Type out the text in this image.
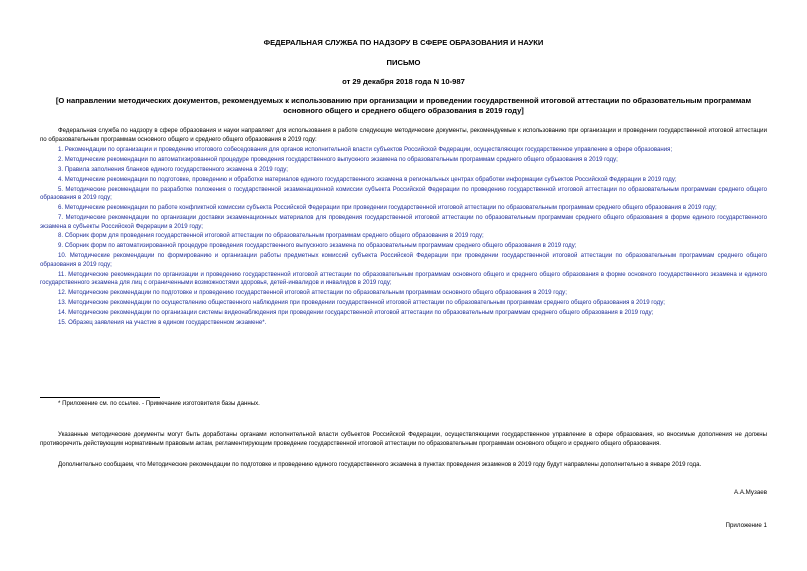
ФЕДЕРАЛЬНАЯ СЛУЖБА ПО НАДЗОРУ В СФЕРЕ ОБРАЗОВАНИЯ И НАУКИ
ПИСЬМО
от 29 декабря 2018 года N 10-987
[О направлении методических документов, рекомендуемых к использованию при организации и проведении государственной итоговой аттестации по образовательным программам основного общего и среднего общего образования в 2019 году]
Федеральная служба по надзору в сфере образования и науки направляет для использования в работе следующие методические документы, рекомендуемые к использованию при организации и проведении государственной итоговой аттестации по образовательным программам основного общего и среднего общего образования в 2019 году:
1. Рекомендации по организации и проведению итогового собеседования для органов исполнительной власти субъектов Российской Федерации, осуществляющих государственное управление в сфере образования;
2. Методические рекомендации по автоматизированной процедуре проведения государственного выпускного экзамена по образовательным программам среднего общего образования в 2019 году;
3. Правила заполнения бланков единого государственного экзамена в 2019 году;
4. Методические рекомендации по подготовке, проведению и обработке материалов единого государственного экзамена в региональных центрах обработки информации субъектов Российской Федерации в 2019 году;
5. Методические рекомендации по разработке положения о государственной экзаменационной комиссии субъекта Российской Федерации по проведению государственной итоговой аттестации по образовательным программам среднего общего образования в 2019 году;
6. Методические рекомендации по работе конфликтной комиссии субъекта Российской Федерации при проведении государственной итоговой аттестации по образовательным программам среднего общего образования в 2019 году;
7. Методические рекомендации по организации доставки экзаменационных материалов для проведения государственной итоговой аттестации по образовательным программам среднего общего образования в форме единого государственного экзамена в субъекты Российской Федерации в 2019 году;
8. Сборник форм для проведения государственной итоговой аттестации по образовательным программам среднего общего образования в 2019 году;
9. Сборник форм по автоматизированной процедуре проведения государственного выпускного экзамена по образовательным программам среднего общего образования в 2019 году;
10. Методические рекомендации по формированию и организации работы предметных комиссий субъекта Российской Федерации при проведении государственной итоговой аттестации по образовательным программам среднего общего образования в 2019 году;
11. Методические рекомендации по организации и проведению государственной итоговой аттестации по образовательным программам основного общего и среднего общего образования в форме основного государственного экзамена и единого государственного экзамена для лиц с ограниченными возможностями здоровья, детей-инвалидов и инвалидов в 2019 году;
12. Методические рекомендации по подготовке и проведению государственной итоговой аттестации по образовательным программам основного общего образования в 2019 году;
13. Методические рекомендации по осуществлению общественного наблюдения при проведении государственной итоговой аттестации по образовательным программам среднего общего образования в 2019 году;
14. Методические рекомендации по организации системы видеонаблюдения при проведении государственной итоговой аттестации по образовательным программам среднего общего образования в 2019 году;
15. Образец заявления на участие в едином государственном экзамене*.
* Приложение см. по ссылке. - Примечание изготовителя базы данных.
Указанные методические документы могут быть доработаны органами исполнительной власти субъектов Российской Федерации, осуществляющими государственное управление в сфере образования, но вносимые дополнения не должны противоречить действующим нормативным правовым актам, регламентирующим проведение государственной итоговой аттестации по образовательным программам основного общего и среднего общего образования.
Дополнительно сообщаем, что Методические рекомендации по подготовке и проведению единого государственного экзамена в пунктах проведения экзаменов в 2019 году будут направлены дополнительно в январе 2019 года.
А.А.Музаев
Приложение 1
